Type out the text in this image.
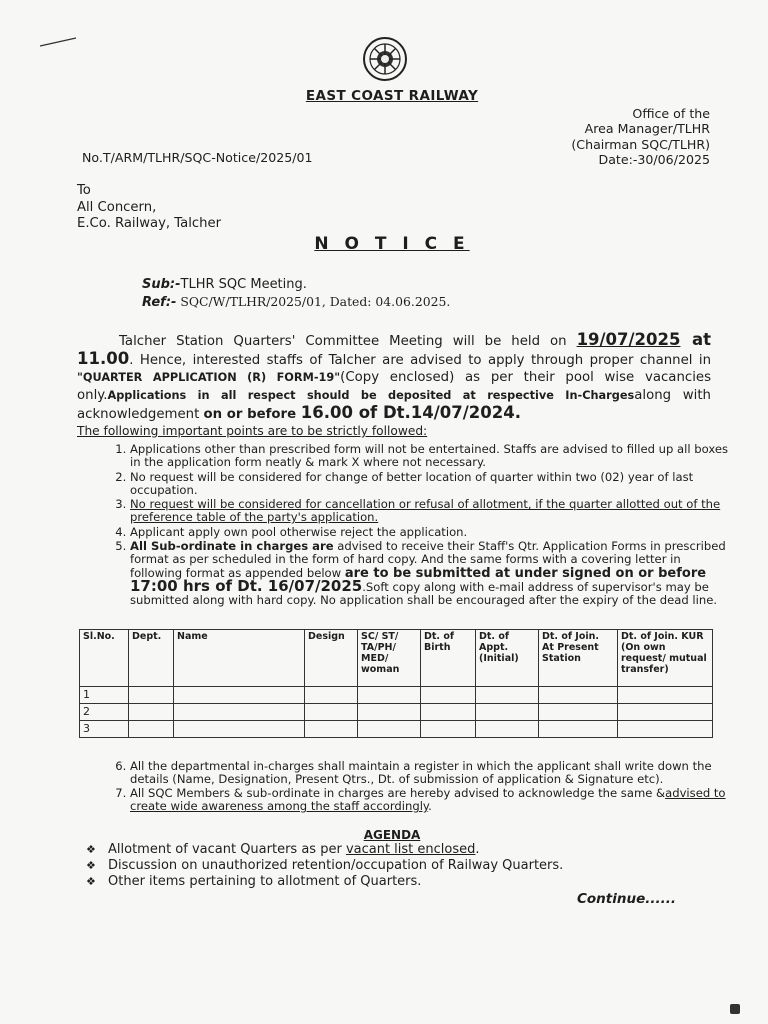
EAST COAST RAILWAY
Office of the
Area Manager/TLHR
(Chairman SQC/TLHR)
Date:-30/06/2025
No.T/ARM/TLHR/SQC-Notice/2025/01
To
All Concern,
E.Co. Railway, Talcher
N O T I C E
Sub:-TLHR SQC Meeting.
Ref:- SQC/W/TLHR/2025/01, Dated: 04.06.2025.
Talcher Station Quarters' Committee Meeting will be held on 19/07/2025 at 11.00. Hence, interested staffs of Talcher are advised to apply through proper channel in "QUARTER APPLICATION (R) FORM-19"(Copy enclosed) as per their pool wise vacancies only.Applications in all respect should be deposited at respective In-Chargesalong with acknowledgement on or before 16.00 of Dt.14/07/2024.
The following important points are to be strictly followed:
1. Applications other than prescribed form will not be entertained. Staffs are advised to filled up all boxes in the application form neatly & mark X where not necessary.
2. No request will be considered for change of better location of quarter within two (02) year of last occupation.
3. No request will be considered for cancellation or refusal of allotment, if the quarter allotted out of the preference table of the party's application.
4. Applicant apply own pool otherwise reject the application.
5. All Sub-ordinate in charges are advised to receive their Staff's Qtr. Application Forms in prescribed format as per scheduled in the form of hard copy. And the same forms with a covering letter in following format as appended below are to be submitted at under signed on or before 17:00 hrs of Dt. 16/07/2025.Soft copy along with e-mail address of supervisor's may be submitted along with hard copy. No application shall be encouraged after the expiry of the dead line.
Sl.No.	Dept.	Name	Design	SC/ ST/ TA/PH/ MED/ woman	Dt. of Birth	Dt. of Appt. (Initial)	Dt. of Join. At Present Station	Dt. of Join. KUR (On own request/ mutual transfer)
1								
2								
3								
6. All the departmental in-charges shall maintain a register in which the applicant shall write down the details (Name, Designation, Present Qtrs., Dt. of submission of application & Signature etc).
7. All SQC Members & sub-ordinate in charges are hereby advised to acknowledge the same &advised to create wide awareness among the staff accordingly.
AGENDA
❖ Allotment of vacant Quarters as per vacant list enclosed.
❖ Discussion on unauthorized retention/occupation of Railway Quarters.
❖ Other items pertaining to allotment of Quarters.
Continue......
